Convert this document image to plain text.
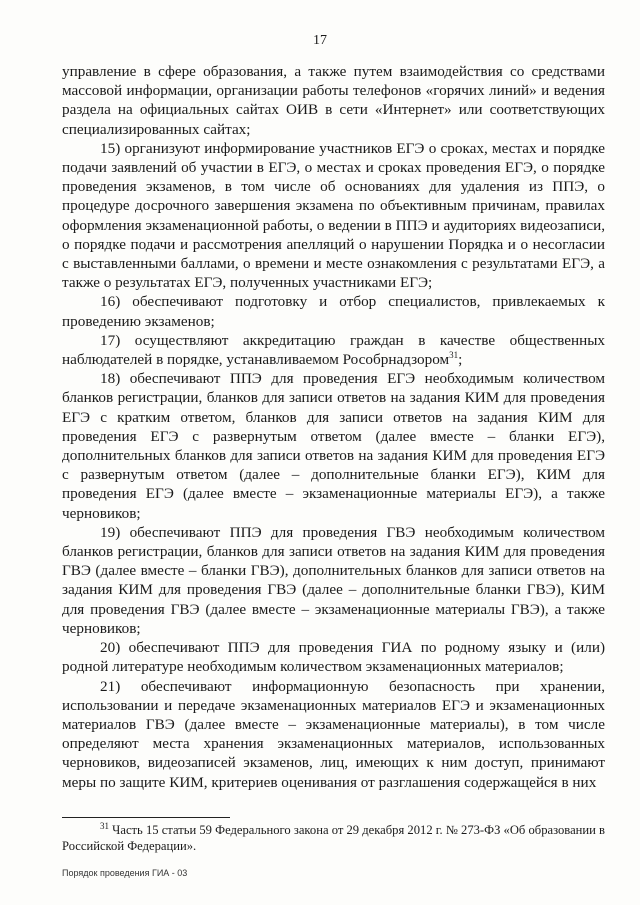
17

управление в сфере образования, а также путем взаимодействия со средствами массовой информации, организации работы телефонов «горячих линий» и ведения раздела на официальных сайтах ОИВ в сети «Интернет» или соответствующих специализированных сайтах;

15) организуют информирование участников ЕГЭ о сроках, местах и порядке подачи заявлений об участии в ЕГЭ, о местах и сроках проведения ЕГЭ, о порядке проведения экзаменов, в том числе об основаниях для удаления из ППЭ, о процедуре досрочного завершения экзамена по объективным причинам, правилах оформления экзаменационной работы, о ведении в ППЭ и аудиториях видеозаписи, о порядке подачи и рассмотрения апелляций о нарушении Порядка и о несогласии с выставленными баллами, о времени и месте ознакомления с результатами ЕГЭ, а также о результатах ЕГЭ, полученных участниками ЕГЭ;

16) обеспечивают подготовку и отбор специалистов, привлекаемых к проведению экзаменов;

17) осуществляют аккредитацию граждан в качестве общественных наблюдателей в порядке, устанавливаемом Рособрнадзором$^{31}$;

18) обеспечивают ППЭ для проведения ЕГЭ необходимым количеством бланков регистрации, бланков для записи ответов на задания КИМ для проведения ЕГЭ с кратким ответом, бланков для записи ответов на задания КИМ для проведения ЕГЭ с развернутым ответом (далее вместе – бланки ЕГЭ), дополнительных бланков для записи ответов на задания КИМ для проведения ЕГЭ с развернутым ответом (далее – дополнительные бланки ЕГЭ), КИМ для проведения ЕГЭ (далее вместе – экзаменационные материалы ЕГЭ), а также черновиков;

19) обеспечивают ППЭ для проведения ГВЭ необходимым количеством бланков регистрации, бланков для записи ответов на задания КИМ для проведения ГВЭ (далее вместе – бланки ГВЭ), дополнительных бланков для записи ответов на задания КИМ для проведения ГВЭ (далее – дополнительные бланки ГВЭ), КИМ для проведения ГВЭ (далее вместе – экзаменационные материалы ГВЭ), а также черновиков;

20) обеспечивают ППЭ для проведения ГИА по родному языку и (или) родной литературе необходимым количеством экзаменационных материалов;

21) обеспечивают информационную безопасность при хранении, использовании и передаче экзаменационных материалов ЕГЭ и экзаменационных материалов ГВЭ (далее вместе – экзаменационные материалы), в том числе определяют места хранения экзаменационных материалов, использованных черновиков, видеозаписей экзаменов, лиц, имеющих к ним доступ, принимают меры по защите КИМ, критериев оценивания от разглашения содержащейся в них

$^{31}$ Часть 15 статьи 59 Федерального закона от 29 декабря 2012 г. № 273-ФЗ «Об образовании в Российской Федерации».
Порядок проведения ГИА - 03
